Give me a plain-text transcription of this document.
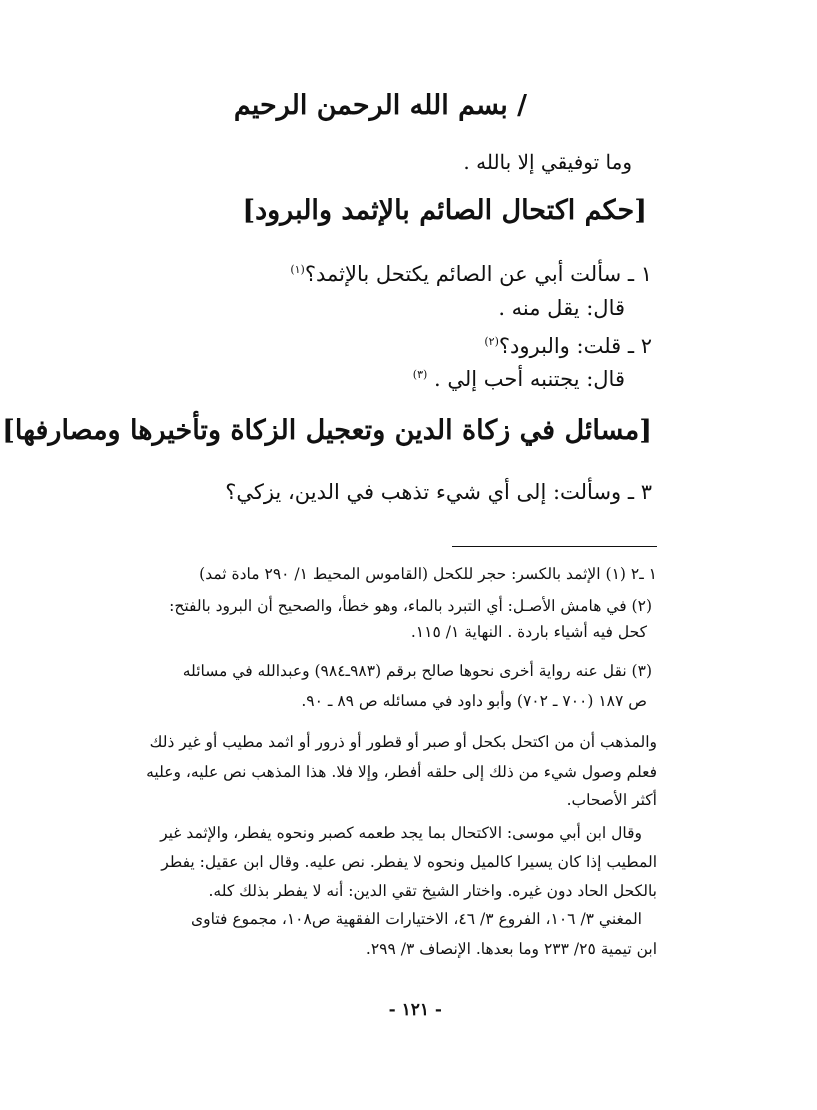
/ بسم الله الرحمن الرحيم
وما توفيقي إلا بالله .
[حكم اكتحال الصائم بالإثمد والبرود]
١ ـ سألت أبي عن الصائم يكتحل بالإثمد؟$^{(١)}$
قال: يقل منه .
٢ ـ قلت: والبرود؟$^{(٢)}$
قال: يجتنبه أحب إلي . $^{(٣)}$
[مسائل في زكاة الدين وتعجيل الزكاة وتأخيرها ومصارفها]
٣ ـ وسألت: إلى أي شيء تذهب في الدين، يزكي؟
١ ـ٢ (١) الإثمد بالكسر: حجر للكحل (القاموس المحيط ١/ ٢٩٠ مادة ثمد)
(٢) في هامش الأصـل: أي التبرد بالماء، وهو خطأ، والصحيح أن البرود بالفتح:
كحل فيه أشياء باردة . النهاية ١/ ١١٥.
(٣) نقل عنه رواية أخرى نحوها صالح برقم (٩٨٣ـ٩٨٤) وعبدالله في مسائله
ص ١٨٧ (٧٠٠ ـ ٧٠٢) وأبو داود في مسائله ص ٨٩ ـ ٩٠.
والمذهب أن من اكتحل بكحل أو صبر أو قطور أو ذرور أو اثمد مطيب أو غير ذلك
فعلم وصول شيء من ذلك إلى حلقه أفطر، وإلا فلا. هذا المذهب نص عليه، وعليه
أكثر الأصحاب.
وقال ابن أبي موسى: الاكتحال بما يجد طعمه كصبر ونحوه يفطر، والإثمد غير
المطيب إذا كان يسيرا كالميل ونحوه لا يفطر. نص عليه. وقال ابن عقيل: يفطر
بالكحل الحاد دون غيره. واختار الشيخ تقي الدين: أنه لا يفطر بذلك كله.
المغني ٣/ ١٠٦، الفروع ٣/ ٤٦، الاختيارات الفقهية ص١٠٨، مجموع فتاوى
ابن تيمية ٢٥/ ٢٣٣ وما بعدها. الإنصاف ٣/ ٢٩٩.
- ١٢١ -
